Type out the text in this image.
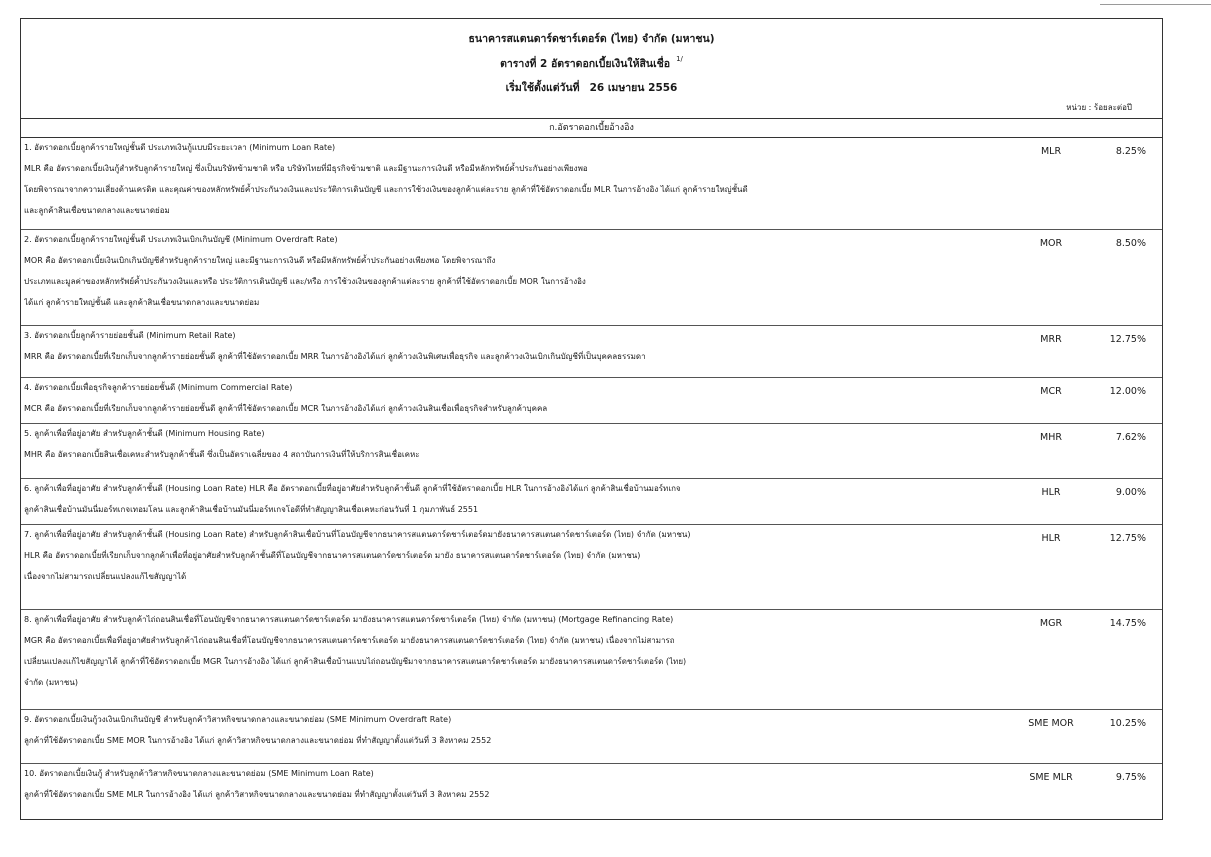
ธนาคารสแตนดาร์ดชาร์เตอร์ด (ไทย) จำกัด (มหาชน)
ตารางที่ 2 อัตราดอกเบี้ยเงินให้สินเชื่อ $^{1/}$
เริ่มใช้ตั้งแต่วันที่ 26 เมษายน 2556
หน่วย : ร้อยละต่อปี
ก.อัตราดอกเบี้ยอ้างอิง
1. อัตราดอกเบี้ยลูกค้ารายใหญ่ชั้นดี ประเภทเงินกู้แบบมีระยะเวลา (Minimum Loan Rate)
MLR คือ อัตราดอกเบี้ยเงินกู้สำหรับลูกค้ารายใหญ่ ซึ่งเป็นบริษัทข้ามชาติ หรือ บริษัทไทยที่มีธุรกิจข้ามชาติ และมีฐานะการเงินดี หรือมีหลักทรัพย์ค้ำประกันอย่างเพียงพอ
โดยพิจารณาจากความเสี่ยงด้านเครดิต และคุณค่าของหลักทรัพย์ค้ำประกันวงเงินและประวัติการเดินบัญชี และการใช้วงเงินของลูกค้าแต่ละราย ลูกค้าที่ใช้อัตราดอกเบี้ย MLR ในการอ้างอิง ได้แก่ ลูกค้ารายใหญ่ชั้นดี
และลูกค้าสินเชื่อขนาดกลางและขนาดย่อม
MLR	8.25%
2. อัตราดอกเบี้ยลูกค้ารายใหญ่ชั้นดี ประเภทเงินเบิกเกินบัญชี (Minimum Overdraft Rate)
MOR คือ อัตราดอกเบี้ยเงินเบิกเกินบัญชีสำหรับลูกค้ารายใหญ่ และมีฐานะการเงินดี หรือมีหลักทรัพย์ค้ำประกันอย่างเพียงพอ โดยพิจารณาถึง
ประเภทและมูลค่าของหลักทรัพย์ค้ำประกันวงเงินและหรือ ประวัติการเดินบัญชี และ/หรือ การใช้วงเงินของลูกค้าแต่ละราย ลูกค้าที่ใช้อัตราดอกเบี้ย MOR ในการอ้างอิง
ได้แก่ ลูกค้ารายใหญ่ชั้นดี และลูกค้าสินเชื่อขนาดกลางและขนาดย่อม
MOR	8.50%
3. อัตราดอกเบี้ยลูกค้ารายย่อยชั้นดี (Minimum Retail Rate)
MRR คือ อัตราดอกเบี้ยที่เรียกเก็บจากลูกค้ารายย่อยชั้นดี ลูกค้าที่ใช้อัตราดอกเบี้ย MRR ในการอ้างอิงได้แก่ ลูกค้าวงเงินพิเศษเพื่อธุรกิจ และลูกค้าวงเงินเบิกเกินบัญชีที่เป็นบุคคลธรรมดา
MRR	12.75%
4. อัตราดอกเบี้ยเพื่อธุรกิจลูกค้ารายย่อยชั้นดี (Minimum Commercial Rate)
MCR คือ อัตราดอกเบี้ยที่เรียกเก็บจากลูกค้ารายย่อยชั้นดี ลูกค้าที่ใช้อัตราดอกเบี้ย MCR ในการอ้างอิงได้แก่ ลูกค้าวงเงินสินเชื่อเพื่อธุรกิจสำหรับลูกค้าบุคคล
MCR	12.00%
5. ลูกค้าเพื่อที่อยู่อาศัย สำหรับลูกค้าชั้นดี (Minimum Housing Rate)
MHR คือ อัตราดอกเบี้ยสินเชื่อเคหะสำหรับลูกค้าชั้นดี ซึ่งเป็นอัตราเฉลี่ยของ 4 สถาบันการเงินที่ให้บริการสินเชื่อเคหะ
MHR	7.62%
6. ลูกค้าเพื่อที่อยู่อาศัย สำหรับลูกค้าชั้นดี (Housing Loan Rate) HLR คือ อัตราดอกเบี้ยที่อยู่อาศัยสำหรับลูกค้าชั้นดี ลูกค้าที่ใช้อัตราดอกเบี้ย HLR ในการอ้างอิงได้แก่ ลูกค้าสินเชื่อบ้านมอร์ทเกจ
ลูกค้าสินเชื่อบ้านมันนี่มอร์ทเกจเทอมโลน และลูกค้าสินเชื่อบ้านมันนี่มอร์ทเกจโอดีที่ทำสัญญาสินเชื่อเคหะก่อนวันที่ 1 กุมภาพันธ์ 2551
HLR	9.00%
7. ลูกค้าเพื่อที่อยู่อาศัย สำหรับลูกค้าชั้นดี (Housing Loan Rate) สำหรับลูกค้าสินเชื่อบ้านที่โอนบัญชีจากธนาคารสแตนดาร์ดชาร์เตอร์ดมายังธนาคารสแตนดาร์ดชาร์เตอร์ด (ไทย) จำกัด (มหาชน)
HLR คือ อัตราดอกเบี้ยที่เรียกเก็บจากลูกค้าเพื่อที่อยู่อาศัยสำหรับลูกค้าชั้นดีที่โอนบัญชีจากธนาคารสแตนดาร์ดชาร์เตอร์ด มายัง ธนาคารสแตนดาร์ดชาร์เตอร์ด (ไทย) จำกัด (มหาชน)
เนื่องจากไม่สามารถเปลี่ยนแปลงแก้ไขสัญญาได้
HLR	12.75%
8. ลูกค้าเพื่อที่อยู่อาศัย สำหรับลูกค้าไถ่ถอนสินเชื่อที่โอนบัญชีจากธนาคารสแตนดาร์ดชาร์เตอร์ด มายังธนาคารสแตนดาร์ดชาร์เตอร์ด (ไทย) จำกัด (มหาชน) (Mortgage Refinancing Rate)
MGR คือ อัตราดอกเบี้ยเพื่อที่อยู่อาศัยสำหรับลูกค้าไถ่ถอนสินเชื่อที่โอนบัญชีจากธนาคารสแตนดาร์ดชาร์เตอร์ด มายังธนาคารสแตนดาร์ดชาร์เตอร์ด (ไทย) จำกัด (มหาชน) เนื่องจากไม่สามารถ
เปลี่ยนแปลงแก้ไขสัญญาได้ ลูกค้าที่ใช้อัตราดอกเบี้ย MGR ในการอ้างอิง ได้แก่ ลูกค้าสินเชื่อบ้านแบบไถ่ถอนบัญชีมาจากธนาคารสแตนดาร์ดชาร์เตอร์ด มายังธนาคารสแตนดาร์ดชาร์เตอร์ด (ไทย)
จำกัด (มหาชน)
MGR	14.75%
9. อัตราดอกเบี้ยเงินกู้วงเงินเบิกเกินบัญชี สำหรับลูกค้าวิสาหกิจขนาดกลางและขนาดย่อม (SME Minimum Overdraft Rate)
ลูกค้าที่ใช้อัตราดอกเบี้ย SME MOR ในการอ้างอิง ได้แก่ ลูกค้าวิสาหกิจขนาดกลางและขนาดย่อม ที่ทำสัญญาตั้งแต่วันที่ 3 สิงหาคม 2552
SME MOR	10.25%
10. อัตราดอกเบี้ยเงินกู้ สำหรับลูกค้าวิสาหกิจขนาดกลางและขนาดย่อม (SME Minimum Loan Rate)
ลูกค้าที่ใช้อัตราดอกเบี้ย SME MLR ในการอ้างอิง ได้แก่ ลูกค้าวิสาหกิจขนาดกลางและขนาดย่อม ที่ทำสัญญาตั้งแต่วันที่ 3 สิงหาคม 2552
SME MLR	9.75%
